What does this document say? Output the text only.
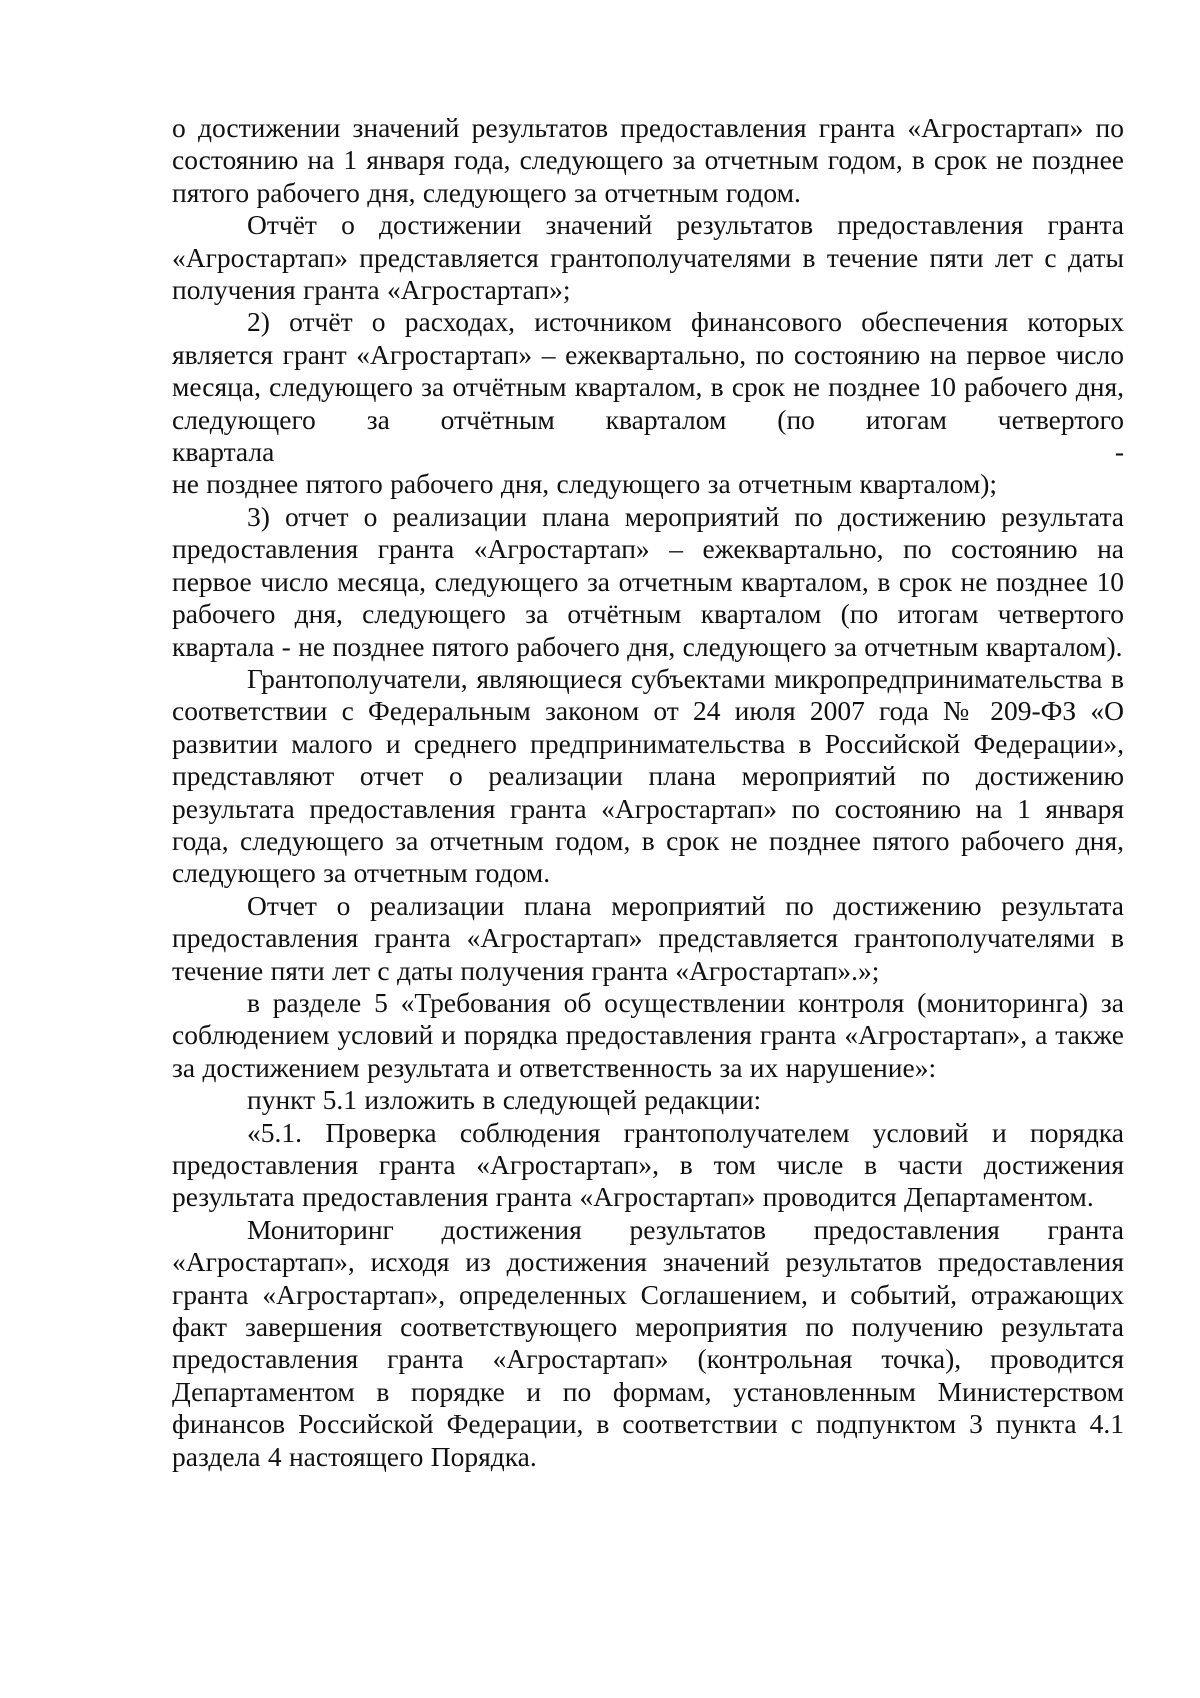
о достижении значений результатов предоставления гранта «Агростартап» по состоянию на 1 января года, следующего за отчетным годом, в срок не позднее пятого рабочего дня, следующего за отчетным годом.

Отчёт о достижении значений результатов предоставления гранта «Агростартап» представляется грантополучателями в течение пяти лет с даты получения гранта «Агростартап»;

2) отчёт о расходах, источником финансового обеспечения которых является грант «Агростартап» – ежеквартально, по состоянию на первое число месяца, следующего за отчётным кварталом, в срок не позднее 10 рабочего дня, следующего за отчётным кварталом (по итогам четвертого

квартала	-

не позднее пятого рабочего дня, следующего за отчетным кварталом);

3) отчет о реализации плана мероприятий по достижению результата предоставления гранта «Агростартап» – ежеквартально, по состоянию на первое число месяца, следующего за отчетным кварталом, в срок не позднее 10 рабочего дня, следующего за отчётным кварталом (по итогам четвертого квартала - не позднее пятого рабочего дня, следующего за отчетным кварталом).

Грантополучатели, являющиеся субъектами микропредпринимательства в соответствии с Федеральным законом от 24 июля 2007 года № 209-ФЗ «О развитии малого и среднего предпринимательства в Российской Федерации», представляют отчет о реализации плана мероприятий по достижению результата предоставления гранта «Агростартап» по состоянию на 1 января года, следующего за отчетным годом, в срок не позднее пятого рабочего дня, следующего за отчетным годом.

Отчет о реализации плана мероприятий по достижению результата предоставления гранта «Агростартап» представляется грантополучателями в течение пяти лет с даты получения гранта «Агростартап».»;

в разделе 5 «Требования об осуществлении контроля (мониторинга) за соблюдением условий и порядка предоставления гранта «Агростартап», а также за достижением результата и ответственность за их нарушение»:

пункт 5.1 изложить в следующей редакции:

«5.1. Проверка соблюдения грантополучателем условий и порядка предоставления гранта «Агростартап», в том числе в части достижения результата предоставления гранта «Агростартап» проводится Департаментом.

Мониторинг достижения результатов предоставления гранта «Агростартап», исходя из достижения значений результатов предоставления гранта «Агростартап», определенных Соглашением, и событий, отражающих факт завершения соответствующего мероприятия по получению результата предоставления гранта «Агростартап» (контрольная точка), проводится Департаментом в порядке и по формам, установленным Министерством финансов Российской Федерации, в соответствии с подпунктом 3 пункта 4.1 раздела 4 настоящего Порядка.
